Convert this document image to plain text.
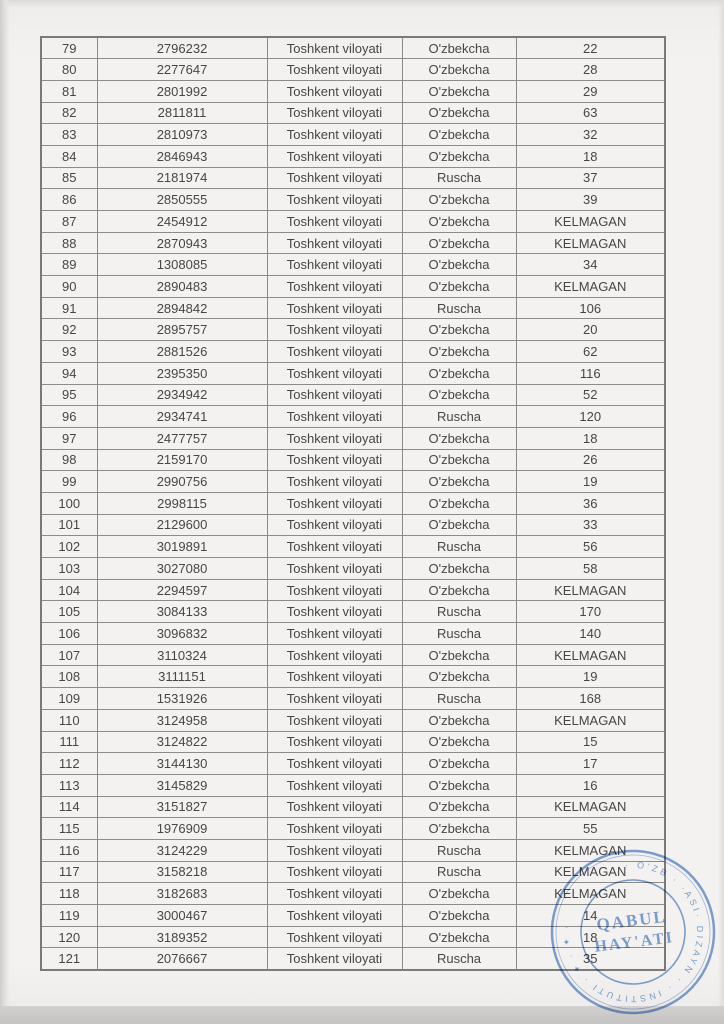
79	2796232	Toshkent viloyati	O'zbekcha	22
80	2277647	Toshkent viloyati	O'zbekcha	28
81	2801992	Toshkent viloyati	O'zbekcha	29
82	2811811	Toshkent viloyati	O'zbekcha	63
83	2810973	Toshkent viloyati	O'zbekcha	32
84	2846943	Toshkent viloyati	O'zbekcha	18
85	2181974	Toshkent viloyati	Ruscha	37
86	2850555	Toshkent viloyati	O'zbekcha	39
87	2454912	Toshkent viloyati	O'zbekcha	KELMAGAN
88	2870943	Toshkent viloyati	O'zbekcha	KELMAGAN
89	1308085	Toshkent viloyati	O'zbekcha	34
90	2890483	Toshkent viloyati	O'zbekcha	KELMAGAN
91	2894842	Toshkent viloyati	Ruscha	106
92	2895757	Toshkent viloyati	O'zbekcha	20
93	2881526	Toshkent viloyati	O'zbekcha	62
94	2395350	Toshkent viloyati	O'zbekcha	116
95	2934942	Toshkent viloyati	O'zbekcha	52
96	2934741	Toshkent viloyati	Ruscha	120
97	2477757	Toshkent viloyati	O'zbekcha	18
98	2159170	Toshkent viloyati	O'zbekcha	26
99	2990756	Toshkent viloyati	O'zbekcha	19
100	2998115	Toshkent viloyati	O'zbekcha	36
101	2129600	Toshkent viloyati	O'zbekcha	33
102	3019891	Toshkent viloyati	Ruscha	56
103	3027080	Toshkent viloyati	O'zbekcha	58
104	2294597	Toshkent viloyati	O'zbekcha	KELMAGAN
105	3084133	Toshkent viloyati	Ruscha	170
106	3096832	Toshkent viloyati	Ruscha	140
107	3110324	Toshkent viloyati	O'zbekcha	KELMAGAN
108	3111151	Toshkent viloyati	O'zbekcha	19
109	1531926	Toshkent viloyati	Ruscha	168
110	3124958	Toshkent viloyati	O'zbekcha	KELMAGAN
111	3124822	Toshkent viloyati	O'zbekcha	15
112	3144130	Toshkent viloyati	O'zbekcha	17
113	3145829	Toshkent viloyati	O'zbekcha	16
114	3151827	Toshkent viloyati	O'zbekcha	KELMAGAN
115	1976909	Toshkent viloyati	O'zbekcha	55
116	3124229	Toshkent viloyati	Ruscha	KELMAGAN
117	3158218	Toshkent viloyati	Ruscha	KELMAGAN
118	3182683	Toshkent viloyati	O'zbekcha	KELMAGAN
119	3000467	Toshkent viloyati	O'zbekcha	14
120	3189352	Toshkent viloyati	O'zbekcha	18
121	2076667	Toshkent viloyati	Ruscha	35
· O'ZB · ·ASI· DIZAYN · · INSTITUTI · ✦ · ✦ ·	QABUL
HAY'ATI
